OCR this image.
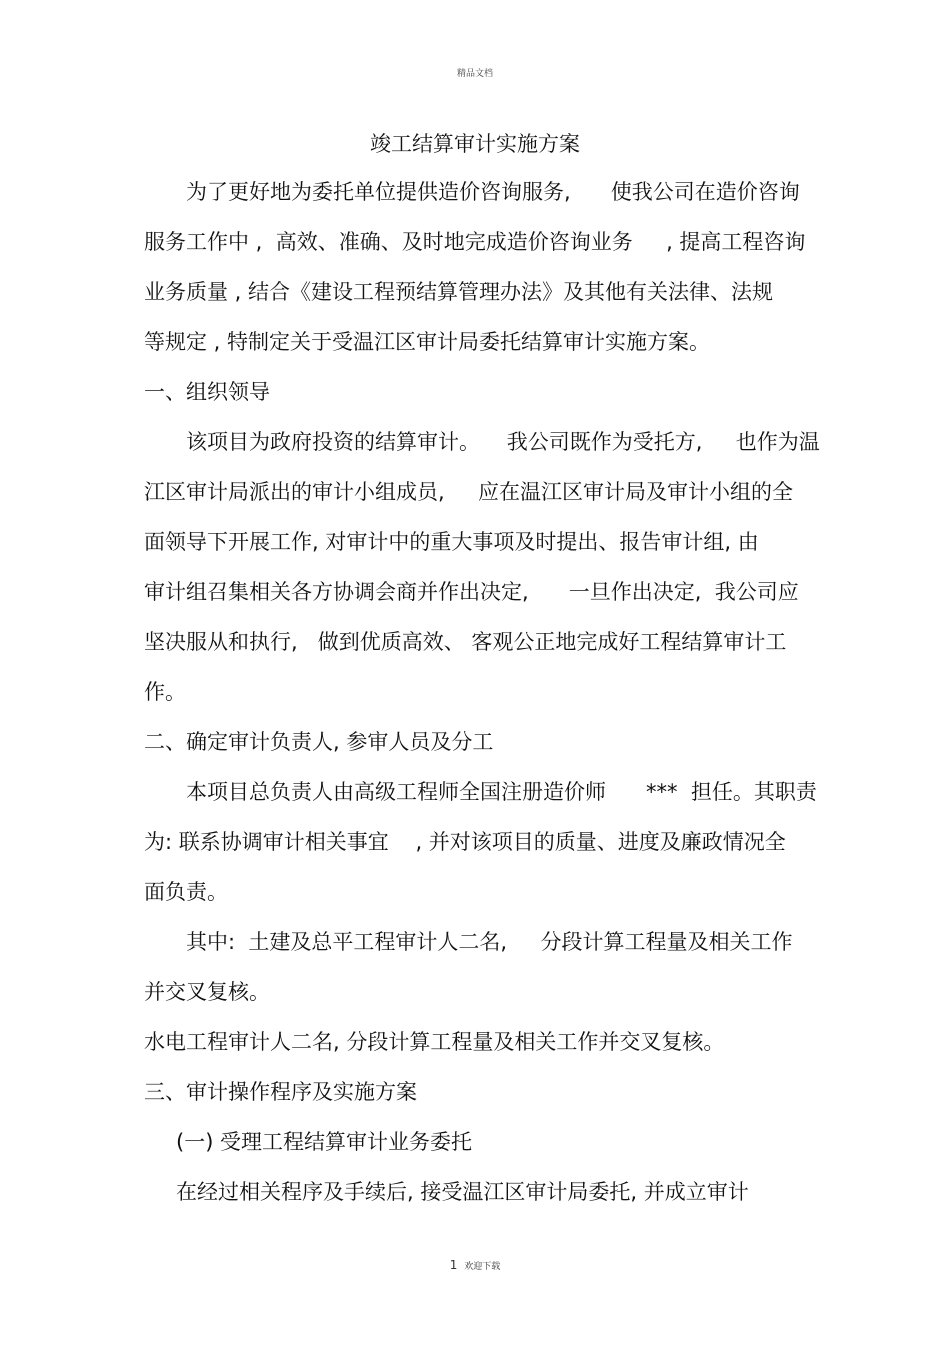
精品文档
竣工结算审计实施方案
为了更好地为委托单位提供造价咨询服务,      使我公司在造价咨询
服务工作中 ,  高效、准确、及时地完成造价咨询业务     , 提高工程咨询
业务质量 , 结合《建设工程预结算管理办法》及其他有关法律、法规
等规定 , 特制定关于受温江区审计局委托结算审计实施方案。
一、组织领导
该项目为政府投资的结算审计。    我公司既作为受托方,     也作为温
江区审计局派出的审计小组成员,     应在温江区审计局及审计小组的全
面领导下开展工作, 对审计中的重大事项及时提出、报告审计组, 由
审计组召集相关各方协调会商并作出决定,      一旦作出决定,  我公司应
坚决服从和执行,   做到优质高效、 客观公正地完成好工程结算审计工
作。
二、确定审计负责人, 参审人员及分工
本项目总负责人由高级工程师全国注册造价师      ***  担任。其职责
为: 联系协调审计相关事宜    , 并对该项目的质量、进度及廉政情况全
面负责。
其中:  土建及总平工程审计人二名,     分段计算工程量及相关工作
并交叉复核。
水电工程审计人二名, 分段计算工程量及相关工作并交叉复核。
三、审计操作程序及实施方案
(一) 受理工程结算审计业务委托
在经过相关程序及手续后, 接受温江区审计局委托, 并成立审计
1 欢迎下载
